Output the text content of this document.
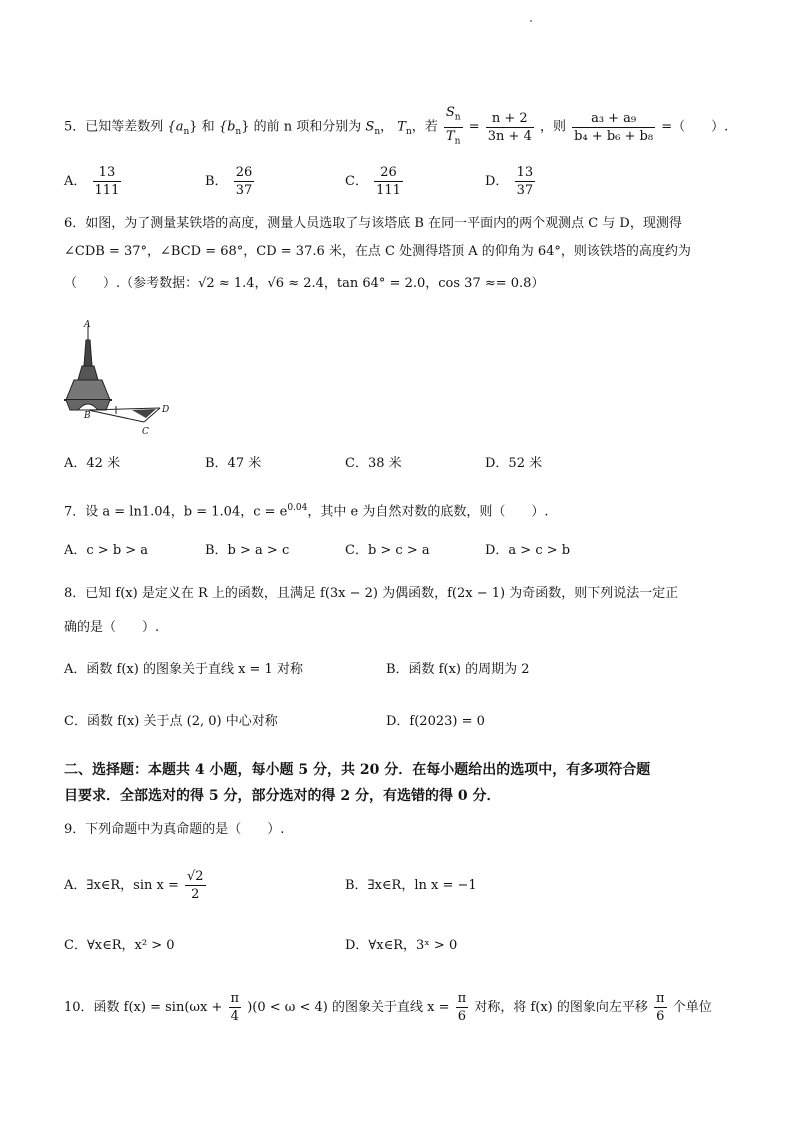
5．已知等差数列 $\{a_n\}$ 和 $\{b_n\}$ 的前 n 项和分别为 $S_n$， $T_n$，若 $\frac{S_n}{T_n} = \frac{n + 2}{3n + 4}$ ，则 $\frac{\text{a₃ + a₉}}{\text{b₄ + b₆ + b₈}}$ =（　　）.
A． $\frac{13}{111}$	B． $\frac{26}{37}$	C． $\frac{26}{111}$	D． $\frac{13}{37}$
6．如图，为了测量某铁塔的高度，测量人员选取了与该塔底 B 在同一平面内的两个观测点 C 与 D，现测得
∠CDB = 37°，∠BCD = 68°，CD = 37.6 米，在点 C 处测得塔顶 A 的仰角为 64°，则该铁塔的高度约为
（　　）.（参考数据：√2 ≈ 1.4，√6 ≈ 2.4，tan 64° = 2.0，cos 37 ≈= 0.8）
A
B
C
D
A．42 米	B．47 米	C．38 米	D．52 米
7．设 a = ln1.04，b = 1.04，$c = e^{0.04}$，其中 e 为自然对数的底数，则（　　）.
A．c > b > a	B．b > a > c	C．b > c > a	D．a > c > b
8．已知 f(x) 是定义在 R 上的函数，且满足 f(3x − 2) 为偶函数，f(2x − 1) 为奇函数，则下列说法一定正
确的是（　　）.
A．函数 f(x) 的图象关于直线 x = 1 对称	B．函数 f(x) 的周期为 2
C．函数 f(x) 关于点 (2, 0) 中心对称	D．f(2023) = 0
二、选择题：本题共 4 小题，每小题 5 分，共 20 分．在每小题给出的选项中，有多项符合题
目要求．全部选对的得 5 分，部分选对的得 2 分，有选错的得 0 分．
9．下列命题中为真命题的是（　　）.
A．∃x∈R，$\sin x = \frac{√2}{2}$	B．∃x∈R，ln x = −1
C．∀x∈R，x² > 0	D．∀x∈R，3ˣ > 0
10．函数 $f(x) = \sin(\omega x + \frac{\pi}{4} )(0 < \omega < 4)$ 的图象关于直线 $x = \frac{\pi}{6}$ 对称，将 f(x) 的图象向左平移 $\frac{\pi}{6}$ 个单位
